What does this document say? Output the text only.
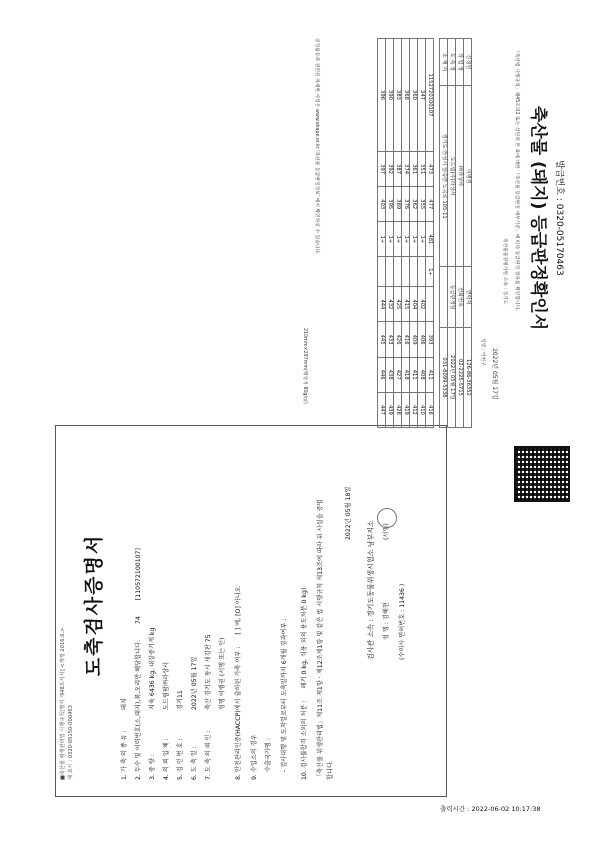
■축산물 위생관리법 시행규칙[별지 제48호서식] <개정 2016.6.> 제 요시 : 0320-05150-000463
도축검사증명서
1. 가 축 의 종 류 :돼지 2. 두수 및 이력번호(소,돼지),묶,오리만 해당합니다. 74 [110572100107]
3. 중 량 :지육 6436 kg, 내장중기계 kg
4. 의 뢰 업 체 :도드림팜㈜라상사
5. 검 인 번 호 :경기11
6. 도 축 일 :2022년 05월 17일
7. 도 축 의 뢰 인 :축산 경기도 동시 새김판 75 성명 이병권 (서명 또는 인) 8. 안전관리인증(HACCP)에서 출하된 가축 여부 : [ ] 예, [O] 아니오
9. 수입소의 경우 수출국가명 : - 검사대행 및 도착일로부터 도축일까지 6개월 경과여부 : 10. 검사불합격 소의의 처분 : 폐기 0 kg, 식용 외의 용도처분 0 kg) 「축산물 위생관리법」제11조 제1항 · 제12조제1항 및 같은 법 시행규칙 제13조에 따라 위 사실을 증명 합니다.
2022년 05월 18일
검사관 소속 : 경기도동물위생시험소 남부지소 성 명 : 김해현
(서명)
(수의사 면허번호 : 11436 )
발급번호 : 0320-05170463
축산물 (돼지) 등급판정확인서
「축산법 시행규칙」제45조의2 또는 상단의 본 표에 대한 「축산물 등급판정 세부기준」에 따라 등급판정 결과를 확인합니다.
축산물품질평가원 소속 : 경기도
2022년 05월 17일
성명 : 이현구
신청인	이병권	연락처	126-86-36352
작 업 장	㈜라상사	전화번호	02-2225-5715
도 축 장	도드림(주)라상사	등급판정일	2022년 05월 17일
소 재 지	경기도 안성시 일죽면 노곡로 105-11		031-8099-5338
1152720100107	473	477	481	1+		393	411	416
347	351	355	1+		402	406	408	410
360	361	362	1+		404	409	411	412
368	374	376	1+		415	416	418	419
383	387	389	1+		425	426	427	428
390	392	395	1+		432	433	438	439
396	397	403	1+		444	445	446	447
공정률등과 관련된 자세한 사항은 www.ekape.or.kr '축산물 등급판정정보' 에서 확인하실 수 있습니다.
210mm×297mm(백상지 80g/㎡)
출력시간 : 2022-06-02 10:17:38
